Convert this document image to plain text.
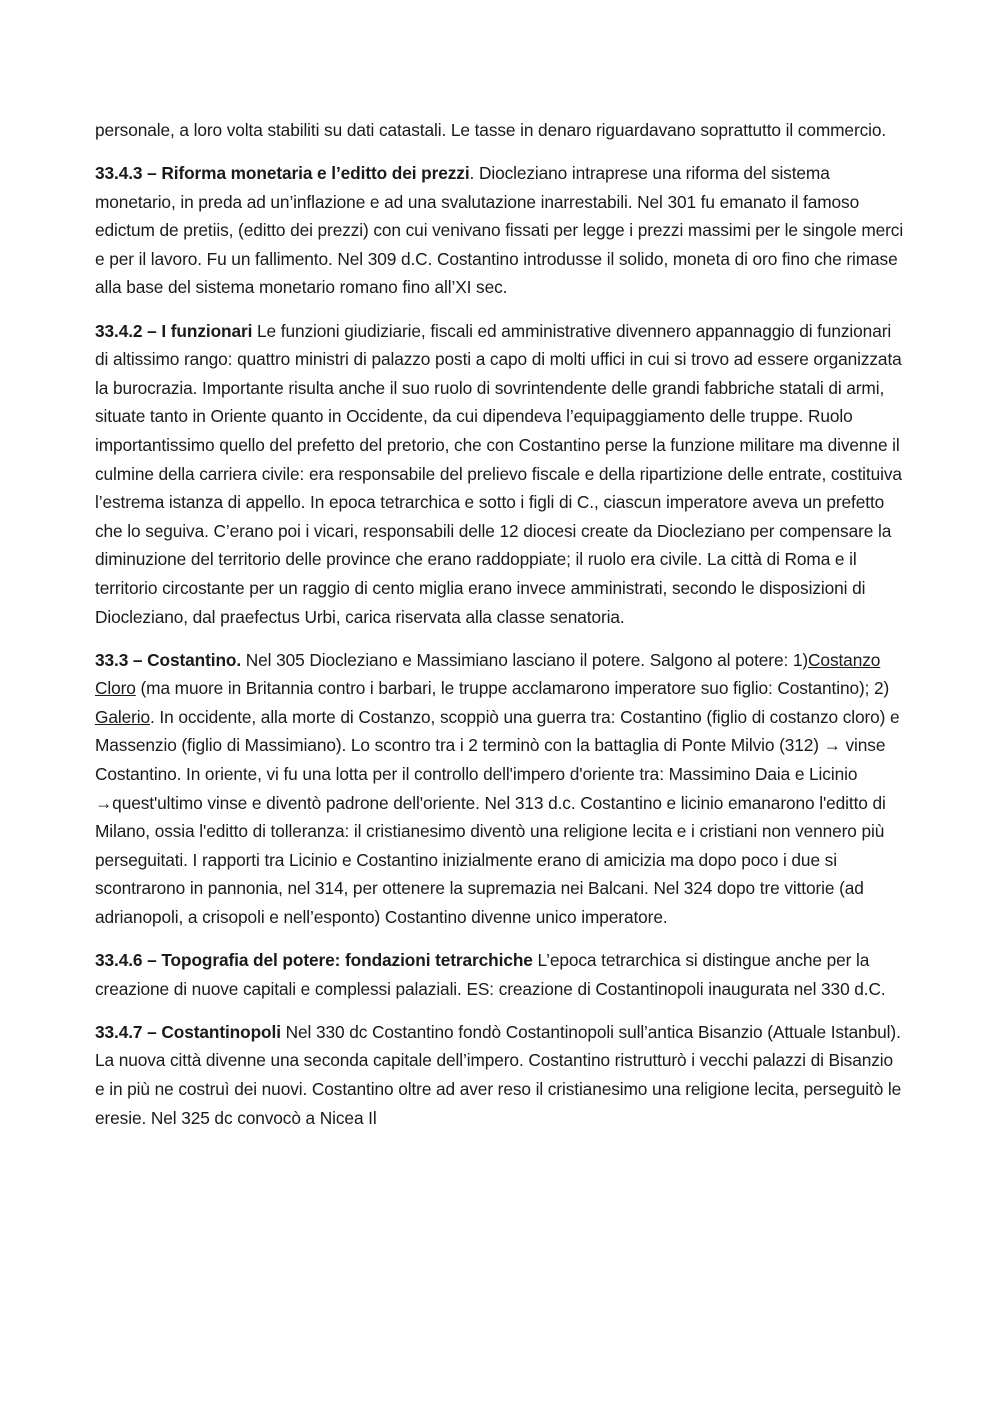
personale, a loro volta stabiliti su dati catastali. Le tasse in denaro riguardavano soprattutto il commercio.

33.4.3 – Riforma monetaria e l’editto dei prezzi. Diocleziano intraprese una riforma del sistema monetario, in preda ad un’inflazione e ad una svalutazione inarrestabili. Nel 301 fu emanato il famoso edictum de pretiis, (editto dei prezzi) con cui venivano fissati per legge i prezzi massimi per le singole merci e per il lavoro. Fu un fallimento. Nel 309 d.C. Costantino introdusse il solido, moneta di oro fino che rimase alla base del sistema monetario romano fino all’XI sec.

33.4.2 – I funzionari Le funzioni giudiziarie, fiscali ed amministrative divennero appannaggio di funzionari di altissimo rango: quattro ministri di palazzo posti a capo di molti uffici in cui si trovo ad essere organizzata la burocrazia. Importante risulta anche il suo ruolo di sovrintendente delle grandi fabbriche statali di armi, situate tanto in Oriente quanto in Occidente, da cui dipendeva l’equipaggiamento delle truppe. Ruolo importantissimo quello del prefetto del pretorio, che con Costantino perse la funzione militare ma divenne il culmine della carriera civile: era responsabile del prelievo fiscale e della ripartizione delle entrate, costituiva l’estrema istanza di appello. In epoca tetrarchica e sotto i figli di C., ciascun imperatore aveva un prefetto che lo seguiva. C’erano poi i vicari, responsabili delle 12 diocesi create da Diocleziano per compensare la diminuzione del territorio delle province che erano raddoppiate; il ruolo era civile. La città di Roma e il territorio circostante per un raggio di cento miglia erano invece amministrati, secondo le disposizioni di Diocleziano, dal praefectus Urbi, carica riservata alla classe senatoria.

33.3 – Costantino. Nel 305 Diocleziano e Massimiano lasciano il potere. Salgono al potere: 1)Costanzo Cloro (ma muore in Britannia contro i barbari, le truppe acclamarono imperatore suo figlio: Costantino); 2) Galerio. In occidente, alla morte di Costanzo, scoppiò una guerra tra: Costantino (figlio di costanzo cloro) e Massenzio (figlio di Massimiano). Lo scontro tra i 2 terminò con la battaglia di Ponte Milvio (312) → vinse Costantino. In oriente, vi fu una lotta per il controllo dell'impero d'oriente tra: Massimino Daia e Licinio →quest'ultimo vinse e diventò padrone dell'oriente. Nel 313 d.c. Costantino e licinio emanarono l'editto di Milano, ossia l'editto di tolleranza: il cristianesimo diventò una religione lecita e i cristiani non vennero più perseguitati. I rapporti tra Licinio e Costantino inizialmente erano di amicizia ma dopo poco i due si scontrarono in pannonia, nel 314, per ottenere la supremazia nei Balcani. Nel 324 dopo tre vittorie (ad adrianopoli, a crisopoli e nell’esponto) Costantino divenne unico imperatore.

33.4.6 – Topografia del potere: fondazioni tetrarchiche L’epoca tetrarchica si distingue anche per la creazione di nuove capitali e complessi palaziali. ES: creazione di Costantinopoli inaugurata nel 330 d.C.

33.4.7 – Costantinopoli Nel 330 dc Costantino fondò Costantinopoli sull’antica Bisanzio (Attuale Istanbul). La nuova città divenne una seconda capitale dell’impero. Costantino ristrutturò i vecchi palazzi di Bisanzio e in più ne costruì dei nuovi. Costantino oltre ad aver reso il cristianesimo una religione lecita, perseguitò le eresie. Nel 325 dc convocò a Nicea Il
